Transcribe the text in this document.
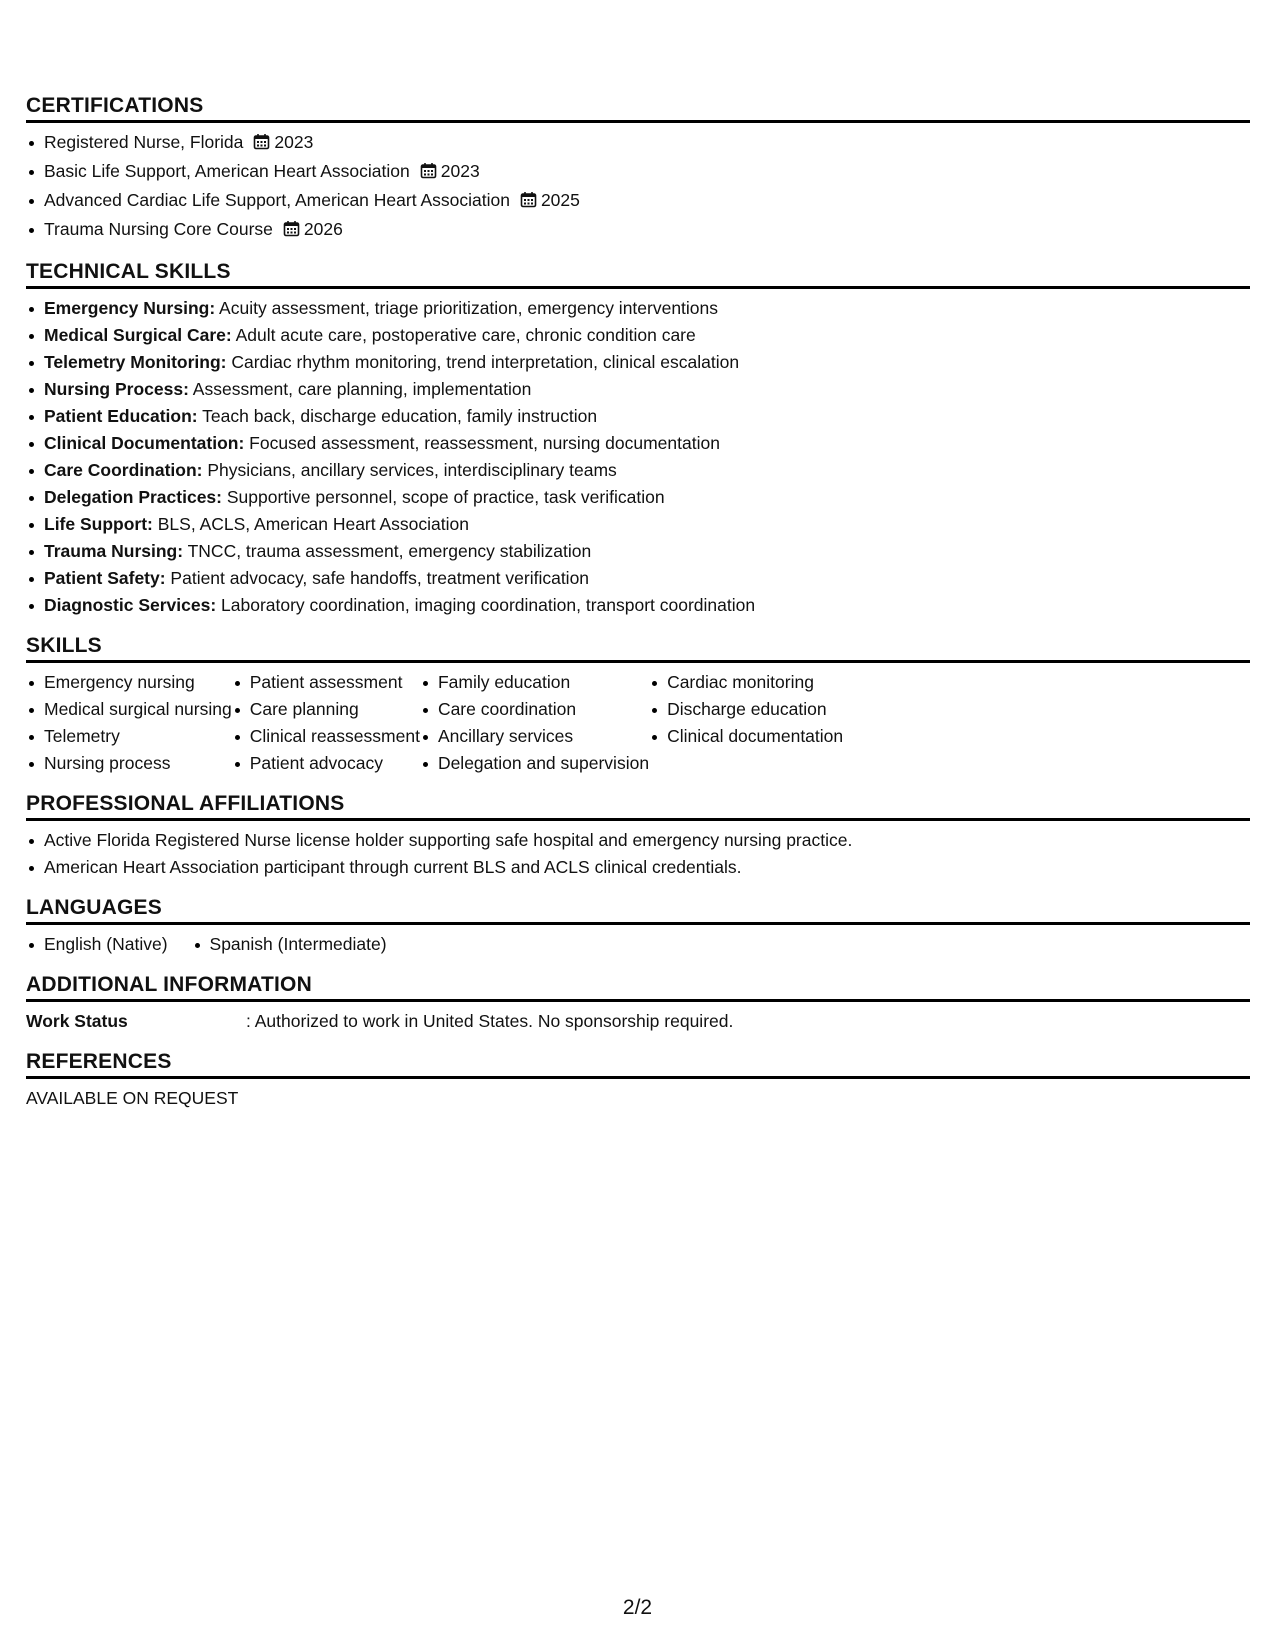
CERTIFICATIONS
Registered Nurse, Florida 2023
Basic Life Support, American Heart Association 2023
Advanced Cardiac Life Support, American Heart Association 2025
Trauma Nursing Core Course 2026
TECHNICAL SKILLS
Emergency Nursing: Acuity assessment, triage prioritization, emergency interventions
Medical Surgical Care: Adult acute care, postoperative care, chronic condition care
Telemetry Monitoring: Cardiac rhythm monitoring, trend interpretation, clinical escalation
Nursing Process: Assessment, care planning, implementation
Patient Education: Teach back, discharge education, family instruction
Clinical Documentation: Focused assessment, reassessment, nursing documentation
Care Coordination: Physicians, ancillary services, interdisciplinary teams
Delegation Practices: Supportive personnel, scope of practice, task verification
Life Support: BLS, ACLS, American Heart Association
Trauma Nursing: TNCC, trauma assessment, emergency stabilization
Patient Safety: Patient advocacy, safe handoffs, treatment verification
Diagnostic Services: Laboratory coordination, imaging coordination, transport coordination
SKILLS
Emergency nursing
Medical surgical nursing
Telemetry
Nursing process
Patient assessment
Care planning
Clinical reassessment
Patient advocacy
Family education
Care coordination
Ancillary services
Delegation and supervision
Cardiac monitoring
Discharge education
Clinical documentation
PROFESSIONAL AFFILIATIONS
Active Florida Registered Nurse license holder supporting safe hospital and emergency nursing practice.
American Heart Association participant through current BLS and ACLS clinical credentials.
LANGUAGES
English (Native)	Spanish (Intermediate)
ADDITIONAL INFORMATION
Work Status	: Authorized to work in United States. No sponsorship required.
REFERENCES
AVAILABLE ON REQUEST
2/2
